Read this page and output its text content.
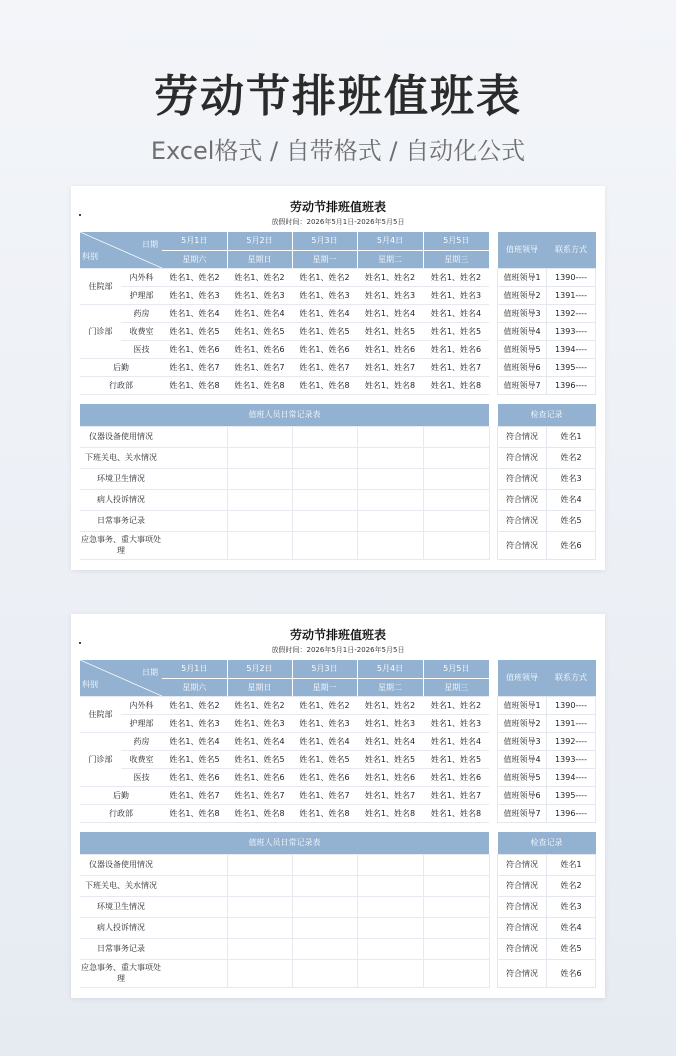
劳动节排班值班表
Excel格式 / 自带格式 / 自动化公式
劳动节排班值班表
放假时间：2026年5月1日-2026年5月5日
日期
科别		5月1日	5月2日	5月3日	5月4日	5月5日
		星期六	星期日	星期一	星期二	星期三
住院部	内外科	姓名1、姓名2	姓名1、姓名2	姓名1、姓名2	姓名1、姓名2	姓名1、姓名2
	护理部	姓名1、姓名3	姓名1、姓名3	姓名1、姓名3	姓名1、姓名3	姓名1、姓名3
门诊部	药房	姓名1、姓名4	姓名1、姓名4	姓名1、姓名4	姓名1、姓名4	姓名1、姓名4
	收费室	姓名1、姓名5	姓名1、姓名5	姓名1、姓名5	姓名1、姓名5	姓名1、姓名5
	医技	姓名1、姓名6	姓名1、姓名6	姓名1、姓名6	姓名1、姓名6	姓名1、姓名6
后勤		姓名1、姓名7	姓名1、姓名7	姓名1、姓名7	姓名1、姓名7	姓名1、姓名7
行政部		姓名1、姓名8	姓名1、姓名8	姓名1、姓名8	姓名1、姓名8	姓名1、姓名8
值班领导	联系方式
值班领导1	1390----
值班领导2	1391----
值班领导3	1392----
值班领导4	1393----
值班领导5	1394----
值班领导6	1395----
值班领导7	1396----
值班人员日常记录表					
仪器设备使用情况					
下班关电、关水情况					
环境卫生情况					
病人投诉情况					
日常事务记录					
应急事务、重大事项处理					
检查记录	
符合情况	姓名1
符合情况	姓名2
符合情况	姓名3
符合情况	姓名4
符合情况	姓名5
符合情况	姓名6
劳动节排班值班表
放假时间：2026年5月1日-2026年5月5日
日期
科别		5月1日	5月2日	5月3日	5月4日	5月5日
		星期六	星期日	星期一	星期二	星期三
住院部	内外科	姓名1、姓名2	姓名1、姓名2	姓名1、姓名2	姓名1、姓名2	姓名1、姓名2
	护理部	姓名1、姓名3	姓名1、姓名3	姓名1、姓名3	姓名1、姓名3	姓名1、姓名3
门诊部	药房	姓名1、姓名4	姓名1、姓名4	姓名1、姓名4	姓名1、姓名4	姓名1、姓名4
	收费室	姓名1、姓名5	姓名1、姓名5	姓名1、姓名5	姓名1、姓名5	姓名1、姓名5
	医技	姓名1、姓名6	姓名1、姓名6	姓名1、姓名6	姓名1、姓名6	姓名1、姓名6
后勤		姓名1、姓名7	姓名1、姓名7	姓名1、姓名7	姓名1、姓名7	姓名1、姓名7
行政部		姓名1、姓名8	姓名1、姓名8	姓名1、姓名8	姓名1、姓名8	姓名1、姓名8
值班领导	联系方式
值班领导1	1390----
值班领导2	1391----
值班领导3	1392----
值班领导4	1393----
值班领导5	1394----
值班领导6	1395----
值班领导7	1396----
值班人员日常记录表					
仪器设备使用情况					
下班关电、关水情况					
环境卫生情况					
病人投诉情况					
日常事务记录					
应急事务、重大事项处理					
检查记录	
符合情况	姓名1
符合情况	姓名2
符合情况	姓名3
符合情况	姓名4
符合情况	姓名5
符合情况	姓名6
